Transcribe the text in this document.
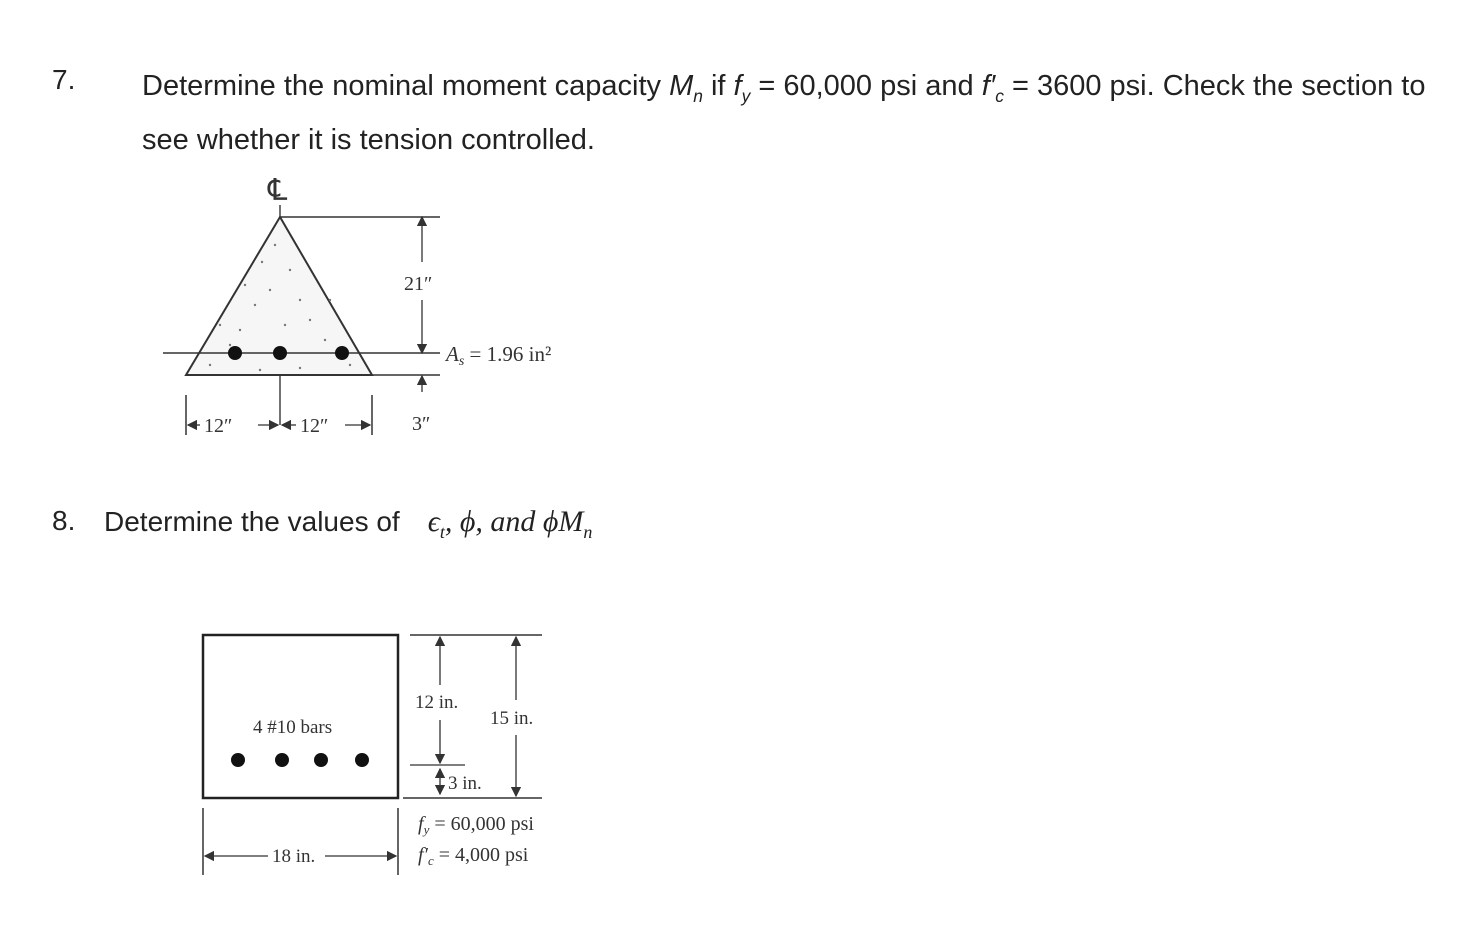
7. Determine the nominal moment capacity $M_n$ if $f_y = 60,000$ psi and $f'_c = 3600$ psi. Check the section to see whether it is tension controlled.
℄
21″
3″
As = 1.96 in²
12″	12″
8. Determine the values of $\epsilon_t$, ϕ, and $\phi M_n$
4 #10 bars
12 in.
15 in.
3 in.
18 in.
$f_y = 60,000$ psi
$f'_c = 4,000$ psi
